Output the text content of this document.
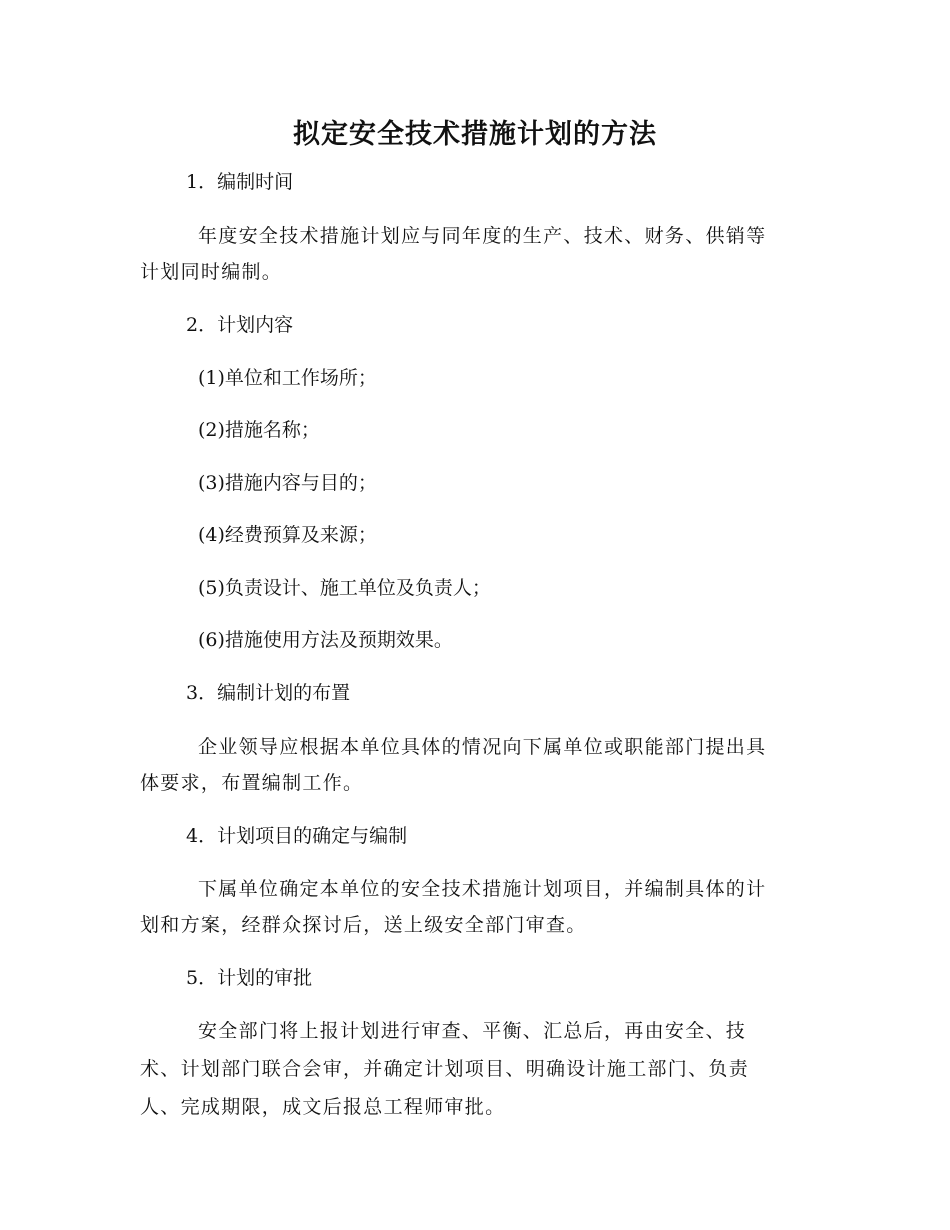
拟定安全技术措施计划的方法
1．编制时间
年度安全技术措施计划应与同年度的生产、技术、财务、供销等
计划同时编制。
2．计划内容
(1)单位和工作场所；
(2)措施名称；
(3)措施内容与目的；
(4)经费预算及来源；
(5)负责设计、施工单位及负责人；
(6)措施使用方法及预期效果。
3．编制计划的布置
企业领导应根据本单位具体的情况向下属单位或职能部门提出具
体要求，布置编制工作。
4．计划项目的确定与编制
下属单位确定本单位的安全技术措施计划项目，并编制具体的计
划和方案，经群众探讨后，送上级安全部门审查。
5．计划的审批
安全部门将上报计划进行审查、平衡、汇总后，再由安全、技
术、计划部门联合会审，并确定计划项目、明确设计施工部门、负责
人、完成期限，成文后报总工程师审批。
